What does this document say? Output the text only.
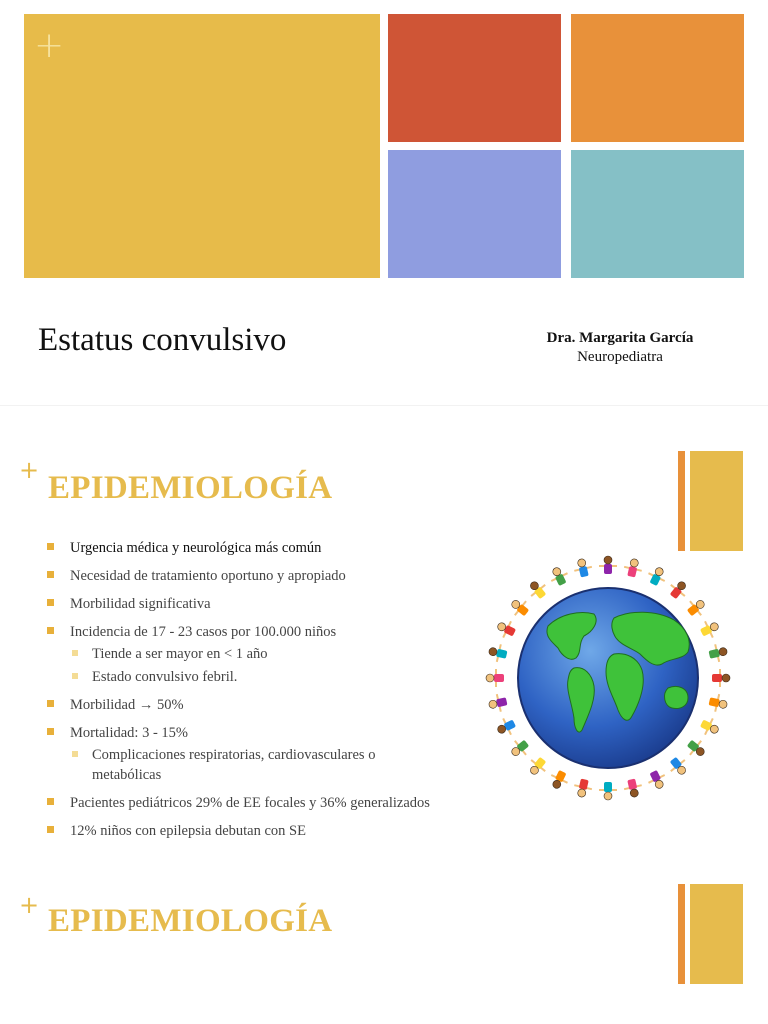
+
Estatus convulsivo	Dra. Margarita García
Neuropediatra
+ EPIDEMIOLOGÍA
Urgencia médica y neurológica más común
Necesidad de tratamiento oportuno y apropiado
Morbilidad significativa
Incidencia de 17 - 23 casos por 100.000 niños
Tiende a ser mayor en < 1 año
Estado convulsivo febril.
Morbilidad → 50%
Mortalidad: 3 - 15%
Complicaciones respiratorias, cardiovasculares o metabólicas
Pacientes pediátricos 29% de EE focales y 36% generalizados
12% niños con epilepsia debutan con SE
+ EPIDEMIOLOGÍA
